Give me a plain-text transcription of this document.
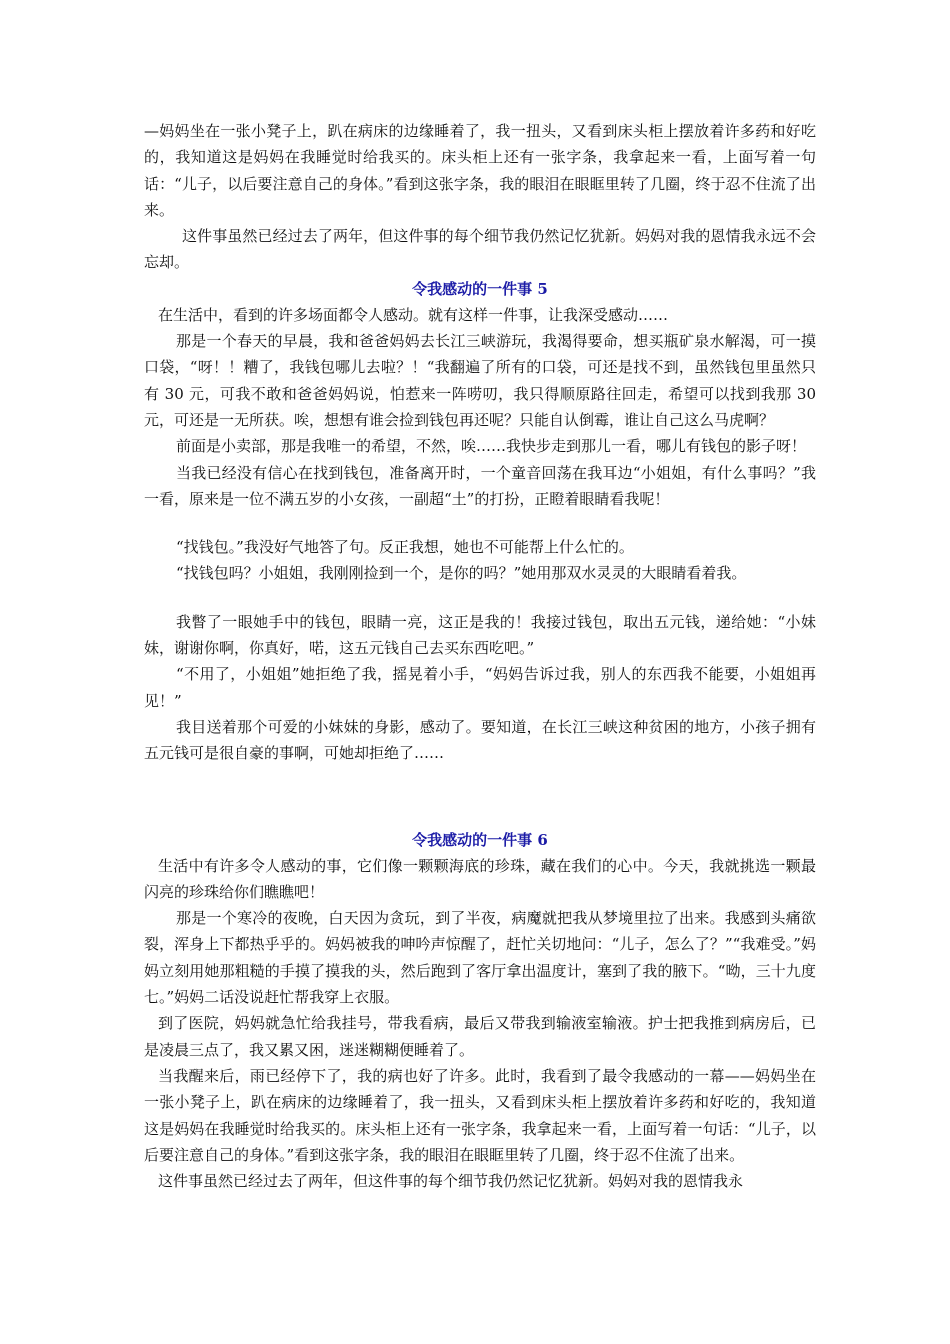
—妈妈坐在一张小凳子上，趴在病床的边缘睡着了，我一扭头，又看到床头柜上摆放着许多药和好吃的，我知道这是妈妈在我睡觉时给我买的。床头柜上还有一张字条，我拿起来一看，上面写着一句话：“儿子，以后要注意自己的身体。”看到这张字条，我的眼泪在眼眶里转了几圈，终于忍不住流了出来。

这件事虽然已经过去了两年，但这件事的每个细节我仍然记忆犹新。妈妈对我的恩情我永远不会忘却。

令我感动的一件事 5

在生活中，看到的许多场面都令人感动。就有这样一件事，让我深受感动……

那是一个春天的早晨，我和爸爸妈妈去长江三峡游玩，我渴得要命，想买瓶矿泉水解渴，可一摸口袋，“呀！！糟了，我钱包哪儿去啦？！“我翻遍了所有的口袋，可还是找不到，虽然钱包里虽然只有 30 元，可我不敢和爸爸妈妈说，怕惹来一阵唠叨，我只得顺原路往回走，希望可以找到我那 30 元，可还是一无所获。唉，想想有谁会捡到钱包再还呢？只能自认倒霉，谁让自己这么马虎啊？

前面是小卖部，那是我唯一的希望，不然，唉……我快步走到那儿一看，哪儿有钱包的影子呀！

当我已经没有信心在找到钱包，准备离开时，一个童音回荡在我耳边“小姐姐，有什么事吗？”我一看，原来是一位不满五岁的小女孩，一副超“土”的打扮，正瞪着眼睛看我呢！

“找钱包。”我没好气地答了句。反正我想，她也不可能帮上什么忙的。

“找钱包吗？小姐姐，我刚刚捡到一个，是你的吗？”她用那双水灵灵的大眼睛看着我。

我瞥了一眼她手中的钱包，眼睛一亮，这正是我的！我接过钱包，取出五元钱，递给她：“小妹妹，谢谢你啊，你真好，喏，这五元钱自己去买东西吃吧。”

“不用了，小姐姐”她拒绝了我，摇晃着小手，“妈妈告诉过我，别人的东西我不能要，小姐姐再见！”

我目送着那个可爱的小妹妹的身影，感动了。要知道，在长江三峡这种贫困的地方，小孩子拥有五元钱可是很自豪的事啊，可她却拒绝了……

令我感动的一件事 6

生活中有许多令人感动的事，它们像一颗颗海底的珍珠，藏在我们的心中。今天，我就挑选一颗最闪亮的珍珠给你们瞧瞧吧！

那是一个寒冷的夜晚，白天因为贪玩，到了半夜，病魔就把我从梦境里拉了出来。我感到头痛欲裂，浑身上下都热乎乎的。妈妈被我的呻吟声惊醒了，赶忙关切地问：“儿子，怎么了？”“我难受。”妈妈立刻用她那粗糙的手摸了摸我的头，然后跑到了客厅拿出温度计，塞到了我的腋下。“呦，三十九度七。”妈妈二话没说赶忙帮我穿上衣服。

到了医院，妈妈就急忙给我挂号，带我看病，最后又带我到输液室输液。护士把我推到病房后，已是凌晨三点了，我又累又困，迷迷糊糊便睡着了。

当我醒来后，雨已经停下了，我的病也好了许多。此时，我看到了最令我感动的一幕——妈妈坐在一张小凳子上，趴在病床的边缘睡着了，我一扭头，又看到床头柜上摆放着许多药和好吃的，我知道这是妈妈在我睡觉时给我买的。床头柜上还有一张字条，我拿起来一看，上面写着一句话：“儿子，以后要注意自己的身体。”看到这张字条，我的眼泪在眼眶里转了几圈，终于忍不住流了出来。

这件事虽然已经过去了两年，但这件事的每个细节我仍然记忆犹新。妈妈对我的恩情我永
